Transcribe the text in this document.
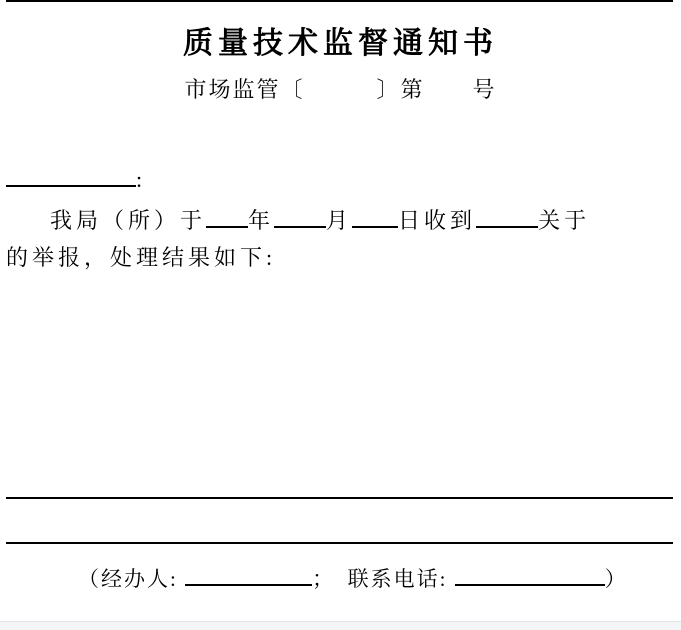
质量技术监督通知书
市场监管〔　　　〕第　　号
:
我局（所）于 年 月 日收到	关于
的举报，处理结果如下:
（经办人:	；　联系电话:	）
